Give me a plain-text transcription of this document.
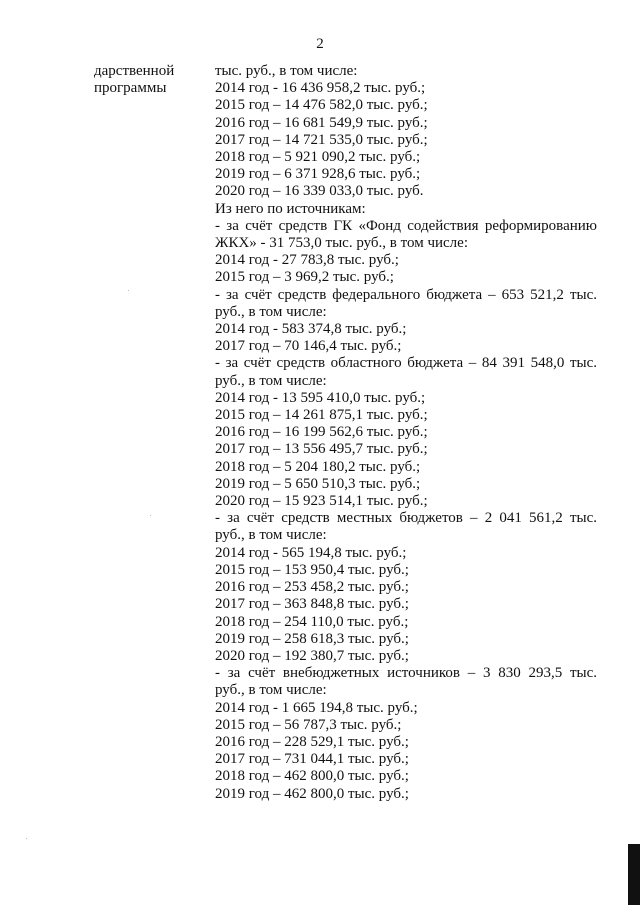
2
дарственной
программы
тыс. руб., в том числе:
2014 год - 16 436 958,2 тыс. руб.;
2015 год – 14 476 582,0 тыс. руб.;
2016 год – 16 681 549,9 тыс. руб.;
2017 год – 14 721 535,0 тыс. руб.;
2018 год – 5 921 090,2 тыс. руб.;
2019 год – 6 371 928,6 тыс. руб.;
2020 год – 16 339 033,0 тыс. руб.
Из него по источникам:
- за счёт средств ГК «Фонд содействия реформированию
ЖКХ» - 31 753,0 тыс. руб., в том числе:
2014 год - 27 783,8 тыс. руб.;
2015 год – 3 969,2 тыс. руб.;
- за счёт средств федерального бюджета – 653 521,2 тыс.
руб., в том числе:
2014 год - 583 374,8 тыс. руб.;
2017 год – 70 146,4 тыс. руб.;
- за счёт средств областного бюджета – 84 391 548,0 тыс.
руб., в том числе:
2014 год - 13 595 410,0 тыс. руб.;
2015 год – 14 261 875,1 тыс. руб.;
2016 год – 16 199 562,6 тыс. руб.;
2017 год – 13 556 495,7 тыс. руб.;
2018 год – 5 204 180,2 тыс. руб.;
2019 год – 5 650 510,3 тыс. руб.;
2020 год – 15 923 514,1 тыс. руб.;
- за счёт средств местных бюджетов – 2 041 561,2 тыс.
руб., в том числе:
2014 год - 565 194,8 тыс. руб.;
2015 год – 153 950,4 тыс. руб.;
2016 год – 253 458,2 тыс. руб.;
2017 год – 363 848,8 тыс. руб.;
2018 год – 254 110,0 тыс. руб.;
2019 год – 258 618,3 тыс. руб.;
2020 год – 192 380,7 тыс. руб.;
- за счёт внебюджетных источников – 3 830 293,5 тыс.
руб., в том числе:
2014 год - 1 665 194,8 тыс. руб.;
2015 год – 56 787,3 тыс. руб.;
2016 год – 228 529,1 тыс. руб.;
2017 год – 731 044,1 тыс. руб.;
2018 год – 462 800,0 тыс. руб.;
2019 год – 462 800,0 тыс. руб.;
